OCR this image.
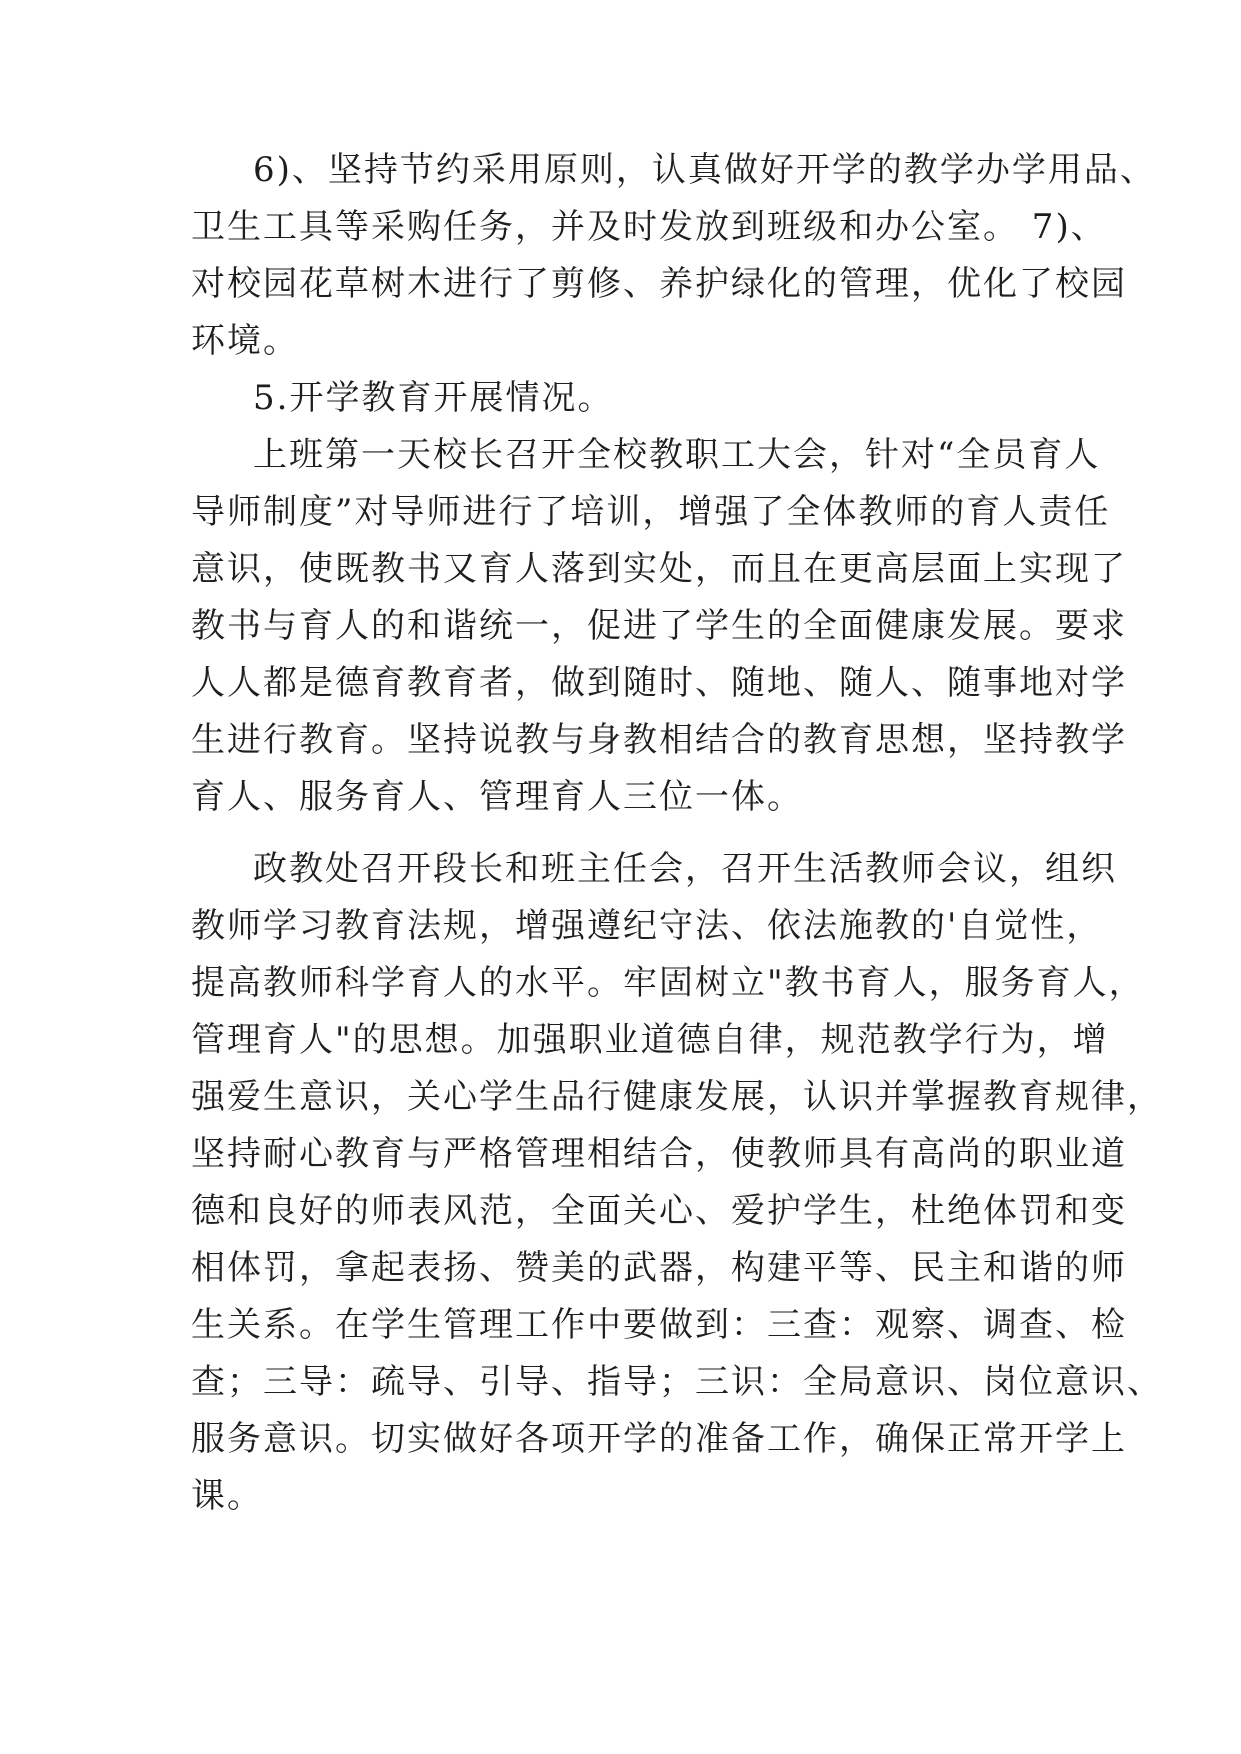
6)、坚持节约采用原则，认真做好开学的教学办学用品、

卫生工具等采购任务，并及时发放到班级和办公室。 7)、

对校园花草树木进行了剪修、养护绿化的管理，优化了校园

环境。

5.开学教育开展情况。

上班第一天校长召开全校教职工大会，针对“全员育人

导师制度”对导师进行了培训，增强了全体教师的育人责任

意识，使既教书又育人落到实处，而且在更高层面上实现了

教书与育人的和谐统一，促进了学生的全面健康发展。要求

人人都是德育教育者，做到随时、随地、随人、随事地对学

生进行教育。坚持说教与身教相结合的教育思想，坚持教学

育人、服务育人、管理育人三位一体。

政教处召开段长和班主任会，召开生活教师会议，组织

教师学习教育法规，增强遵纪守法、依法施教的'自觉性，

提高教师科学育人的水平。牢固树立"教书育人，服务育人，

管理育人"的思想。加强职业道德自律，规范教学行为，增

强爱生意识，关心学生品行健康发展，认识并掌握教育规律，

坚持耐心教育与严格管理相结合，使教师具有高尚的职业道

德和良好的师表风范，全面关心、爱护学生，杜绝体罚和变

相体罚，拿起表扬、赞美的武器，构建平等、民主和谐的师

生关系。在学生管理工作中要做到：三查：观察、调查、检

查；三导：疏导、引导、指导；三识：全局意识、岗位意识、

服务意识。切实做好各项开学的准备工作，确保正常开学上

课。
